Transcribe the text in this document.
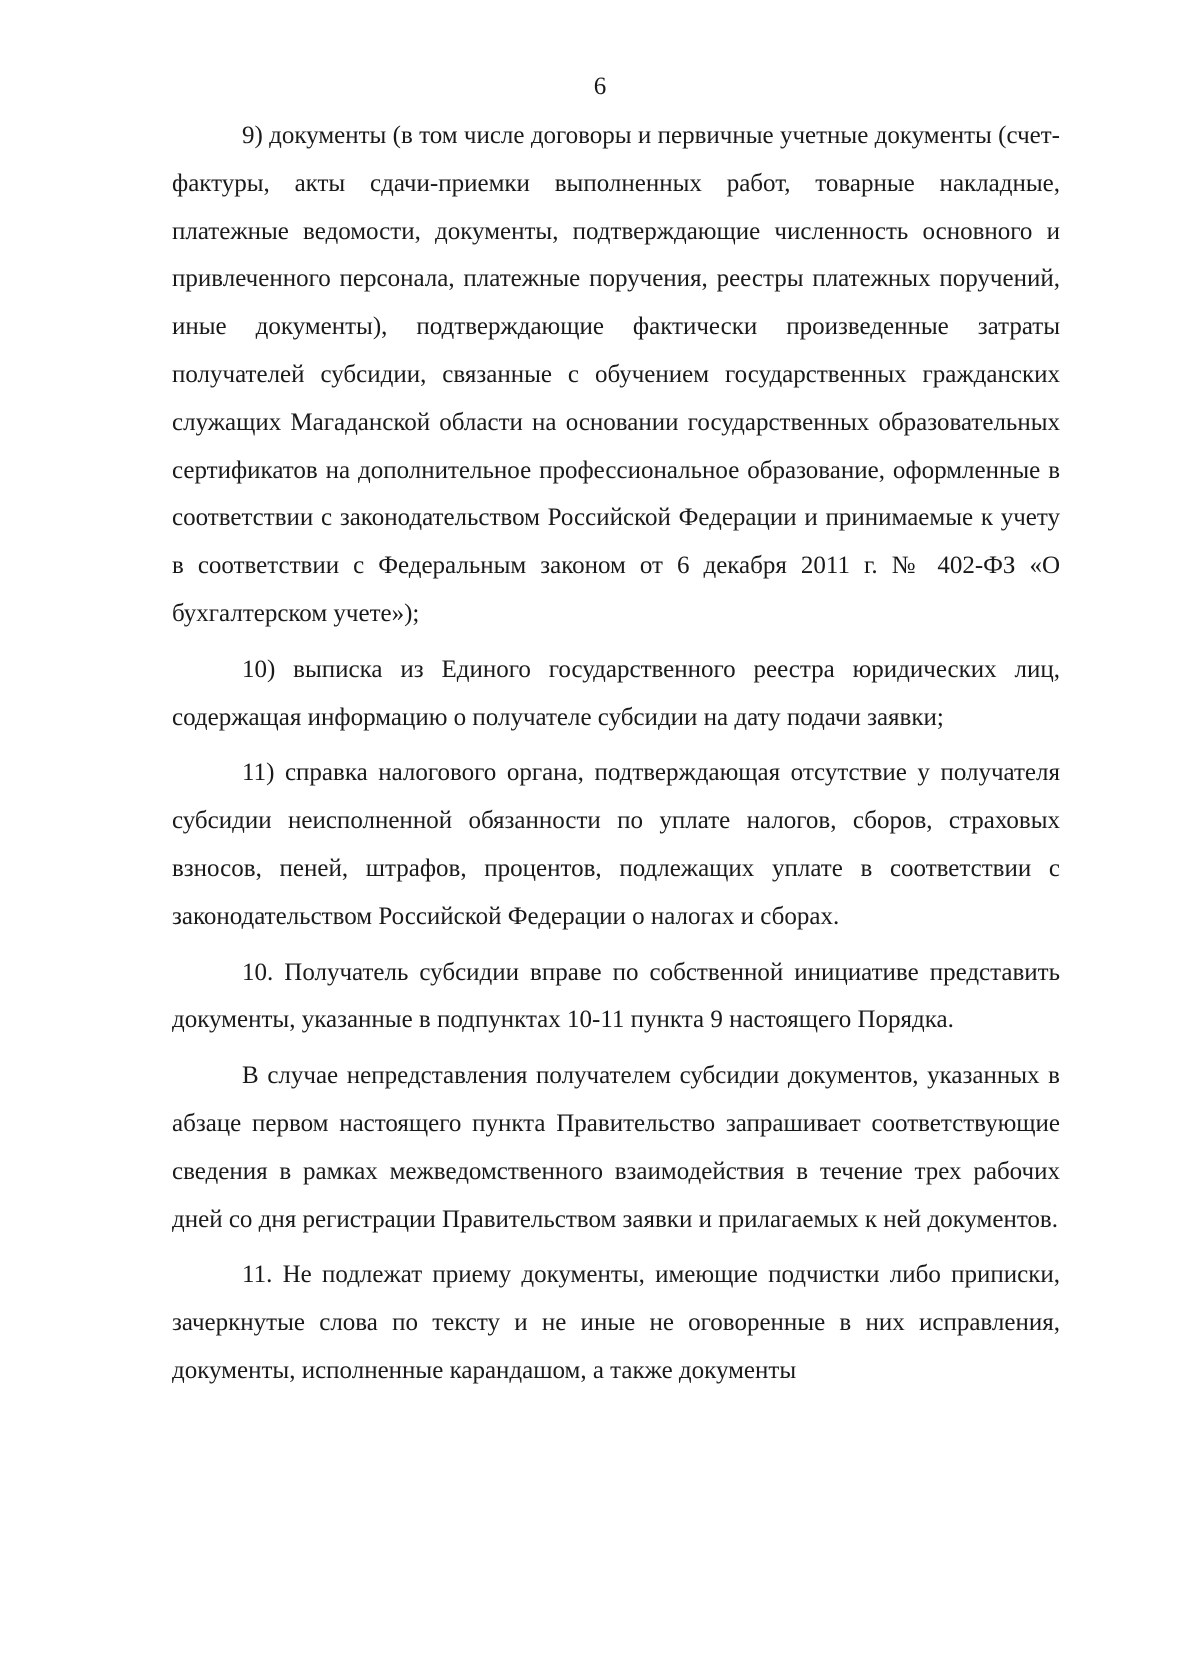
6

9) документы (в том числе договоры и первичные учетные документы (счет-фактуры, акты сдачи-приемки выполненных работ, товарные накладные, платежные ведомости, документы, подтверждающие численность основного и привлеченного персонала, платежные поручения, реестры платежных поручений, иные документы), подтверждающие фактически произведенные затраты получателей субсидии, связанные с обучением государственных гражданских служащих Магаданской области на основании государственных образовательных сертификатов на дополнительное профессиональное образование, оформленные в соответствии с законодательством Российской Федерации и принимаемые к учету в соответствии с Федеральным законом от 6 декабря 2011 г. № 402-ФЗ «О бухгалтерском учете»);

10) выписка из Единого государственного реестра юридических лиц, содержащая информацию о получателе субсидии на дату подачи заявки;

11) справка налогового органа, подтверждающая отсутствие у получателя субсидии неисполненной обязанности по уплате налогов, сборов, страховых взносов, пеней, штрафов, процентов, подлежащих уплате в соответствии с законодательством Российской Федерации о налогах и сборах.

10. Получатель субсидии вправе по собственной инициативе представить документы, указанные в подпунктах 10-11 пункта 9 настоящего Порядка.

В случае непредставления получателем субсидии документов, указанных в абзаце первом настоящего пункта Правительство запрашивает соответствующие сведения в рамках межведомственного взаимодействия в течение трех рабочих дней со дня регистрации Правительством заявки и прилагаемых к ней документов.

11. Не подлежат приему документы, имеющие подчистки либо приписки, зачеркнутые слова по тексту и не иные не оговоренные в них исправления, документы, исполненные карандашом, а также документы
